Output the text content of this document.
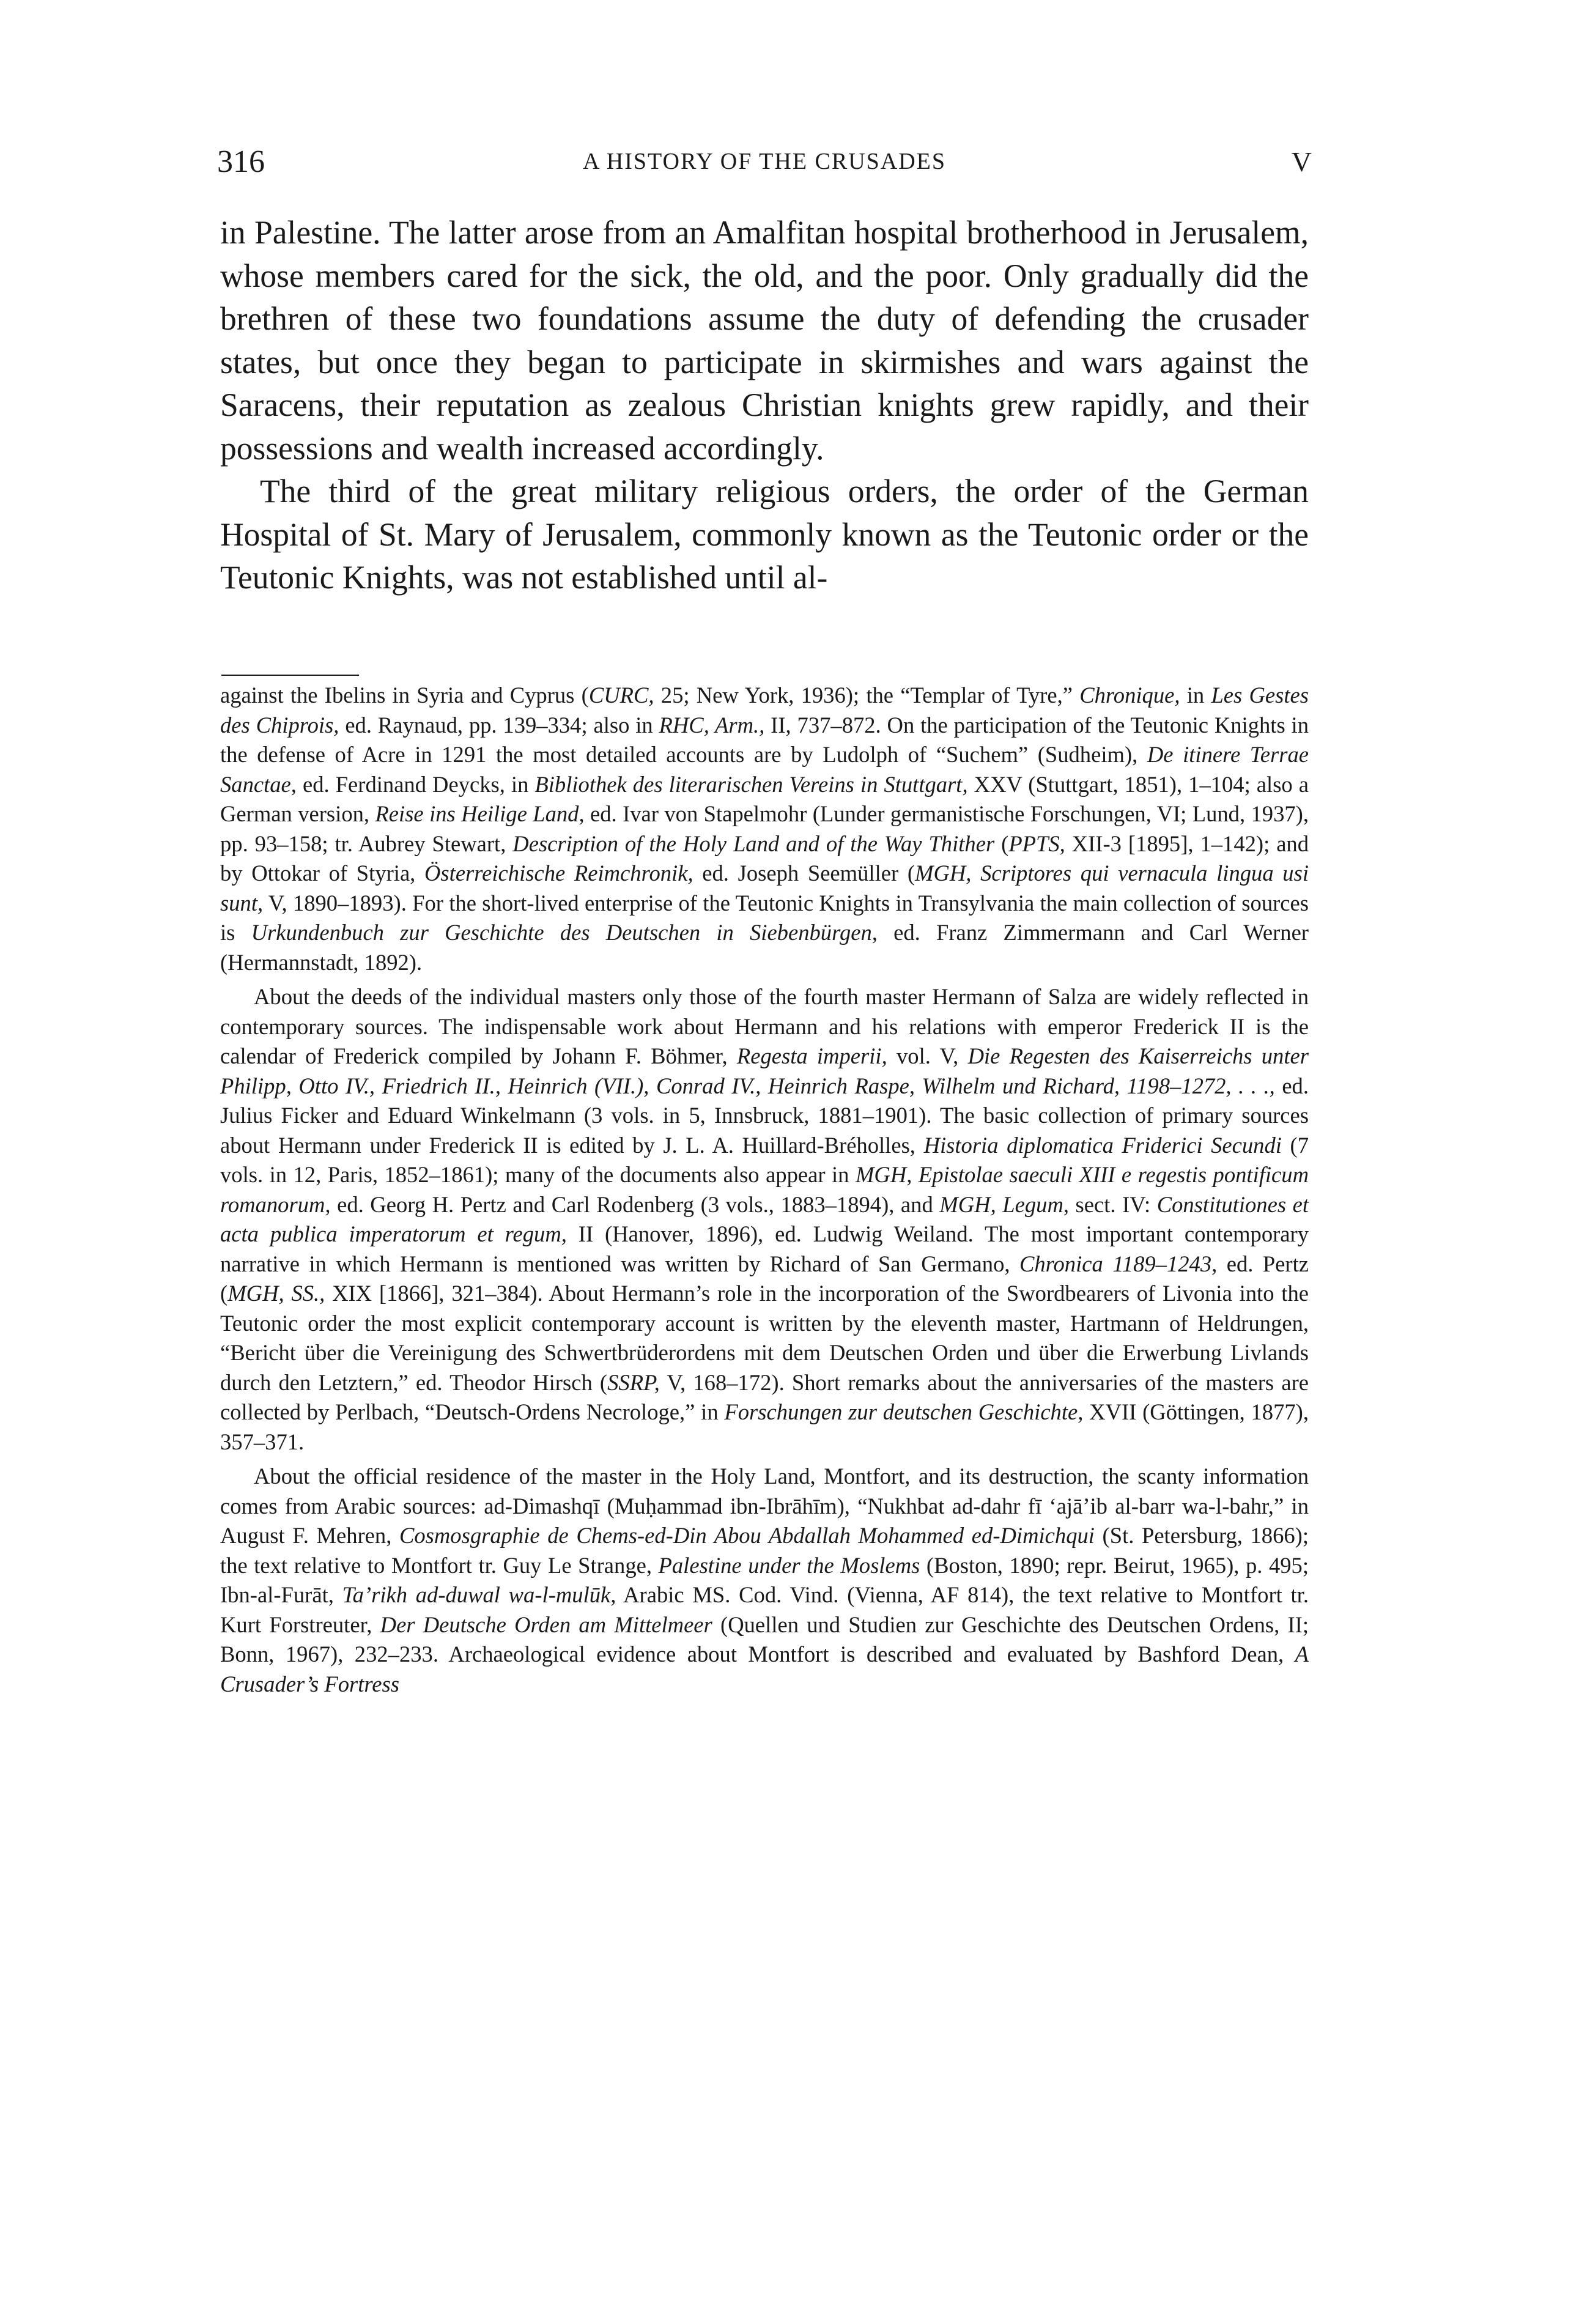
316	A HISTORY OF THE CRUSADES	V

in Palestine. The latter arose from an Amalfitan hospital brotherhood in Jerusalem, whose members cared for the sick, the old, and the poor. Only gradually did the brethren of these two foundations assume the duty of defending the crusader states, but once they began to participate in skirmishes and wars against the Saracens, their reputation as zealous Christian knights grew rapidly, and their possessions and wealth increased accordingly.

The third of the great military religious orders, the order of the German Hospital of St. Mary of Jerusalem, commonly known as the Teutonic order or the Teutonic Knights, was not established until al-

against the Ibelins in Syria and Cyprus (CURC, 25; New York, 1936); the “Templar of Tyre,” Chronique, in Les Gestes des Chiprois, ed. Raynaud, pp. 139–334; also in RHC, Arm., II, 737–872. On the participation of the Teutonic Knights in the defense of Acre in 1291 the most detailed accounts are by Ludolph of “Suchem” (Sudheim), De itinere Terrae Sanctae, ed. Ferdinand Deycks, in Bibliothek des literarischen Vereins in Stuttgart, XXV (Stuttgart, 1851), 1–104; also a German version, Reise ins Heilige Land, ed. Ivar von Stapelmohr (Lunder germanistische Forschungen, VI; Lund, 1937), pp. 93–158; tr. Aubrey Stewart, Description of the Holy Land and of the Way Thither (PPTS, XII-3 [1895], 1–142); and by Ottokar of Styria, Österreichische Reimchronik, ed. Joseph Seemüller (MGH, Scriptores qui vernacula lingua usi sunt, V, 1890–1893). For the short-lived enterprise of the Teutonic Knights in Transylvania the main collection of sources is Urkundenbuch zur Geschichte des Deutschen in Siebenbürgen, ed. Franz Zimmermann and Carl Werner (Hermannstadt, 1892).

About the deeds of the individual masters only those of the fourth master Hermann of Salza are widely reflected in contemporary sources. The indispensable work about Hermann and his relations with emperor Frederick II is the calendar of Frederick compiled by Johann F. Böhmer, Regesta imperii, vol. V, Die Regesten des Kaiserreichs unter Philipp, Otto IV., Friedrich II., Heinrich (VII.), Conrad IV., Heinrich Raspe, Wilhelm und Richard, 1198–1272, . . ., ed. Julius Ficker and Eduard Winkelmann (3 vols. in 5, Innsbruck, 1881–1901). The basic collection of primary sources about Hermann under Frederick II is edited by J. L. A. Huillard-Bréholles, Historia diplomatica Friderici Secundi (7 vols. in 12, Paris, 1852–1861); many of the documents also appear in MGH, Epistolae saeculi XIII e regestis pontificum romanorum, ed. Georg H. Pertz and Carl Rodenberg (3 vols., 1883–1894), and MGH, Legum, sect. IV: Constitutiones et acta publica imperatorum et regum, II (Hanover, 1896), ed. Ludwig Weiland. The most important contemporary narrative in which Hermann is mentioned was written by Richard of San Germano, Chronica 1189–1243, ed. Pertz (MGH, SS., XIX [1866], 321–384). About Hermann’s role in the incorporation of the Swordbearers of Livonia into the Teutonic order the most explicit contemporary account is written by the eleventh master, Hartmann of Heldrungen, “Bericht über die Vereinigung des Schwertbrüderordens mit dem Deutschen Orden und über die Erwerbung Livlands durch den Letztern,” ed. Theodor Hirsch (SSRP, V, 168–172). Short remarks about the anniversaries of the masters are collected by Perlbach, “Deutsch-Ordens Necrologe,” in Forschungen zur deutschen Geschichte, XVII (Göttingen, 1877), 357–371.

About the official residence of the master in the Holy Land, Montfort, and its destruction, the scanty information comes from Arabic sources: ad-Dimashqī (Muḥammad ibn-Ibrāhīm), “Nukhbat ad-dahr fī ‘ajā’ib al-barr wa-l-bahr,” in August F. Mehren, Cosmosgraphie de Chems-ed-Din Abou Abdallah Mohammed ed-Dimichqui (St. Petersburg, 1866); the text relative to Montfort tr. Guy Le Strange, Palestine under the Moslems (Boston, 1890; repr. Beirut, 1965), p. 495; Ibn-al-Furāt, Ta’rikh ad-duwal wa-l-mulūk, Arabic MS. Cod. Vind. (Vienna, AF 814), the text relative to Montfort tr. Kurt Forstreuter, Der Deutsche Orden am Mittelmeer (Quellen und Studien zur Geschichte des Deutschen Ordens, II; Bonn, 1967), 232–233. Archaeological evidence about Montfort is described and evaluated by Bashford Dean, A Crusader’s Fortress
